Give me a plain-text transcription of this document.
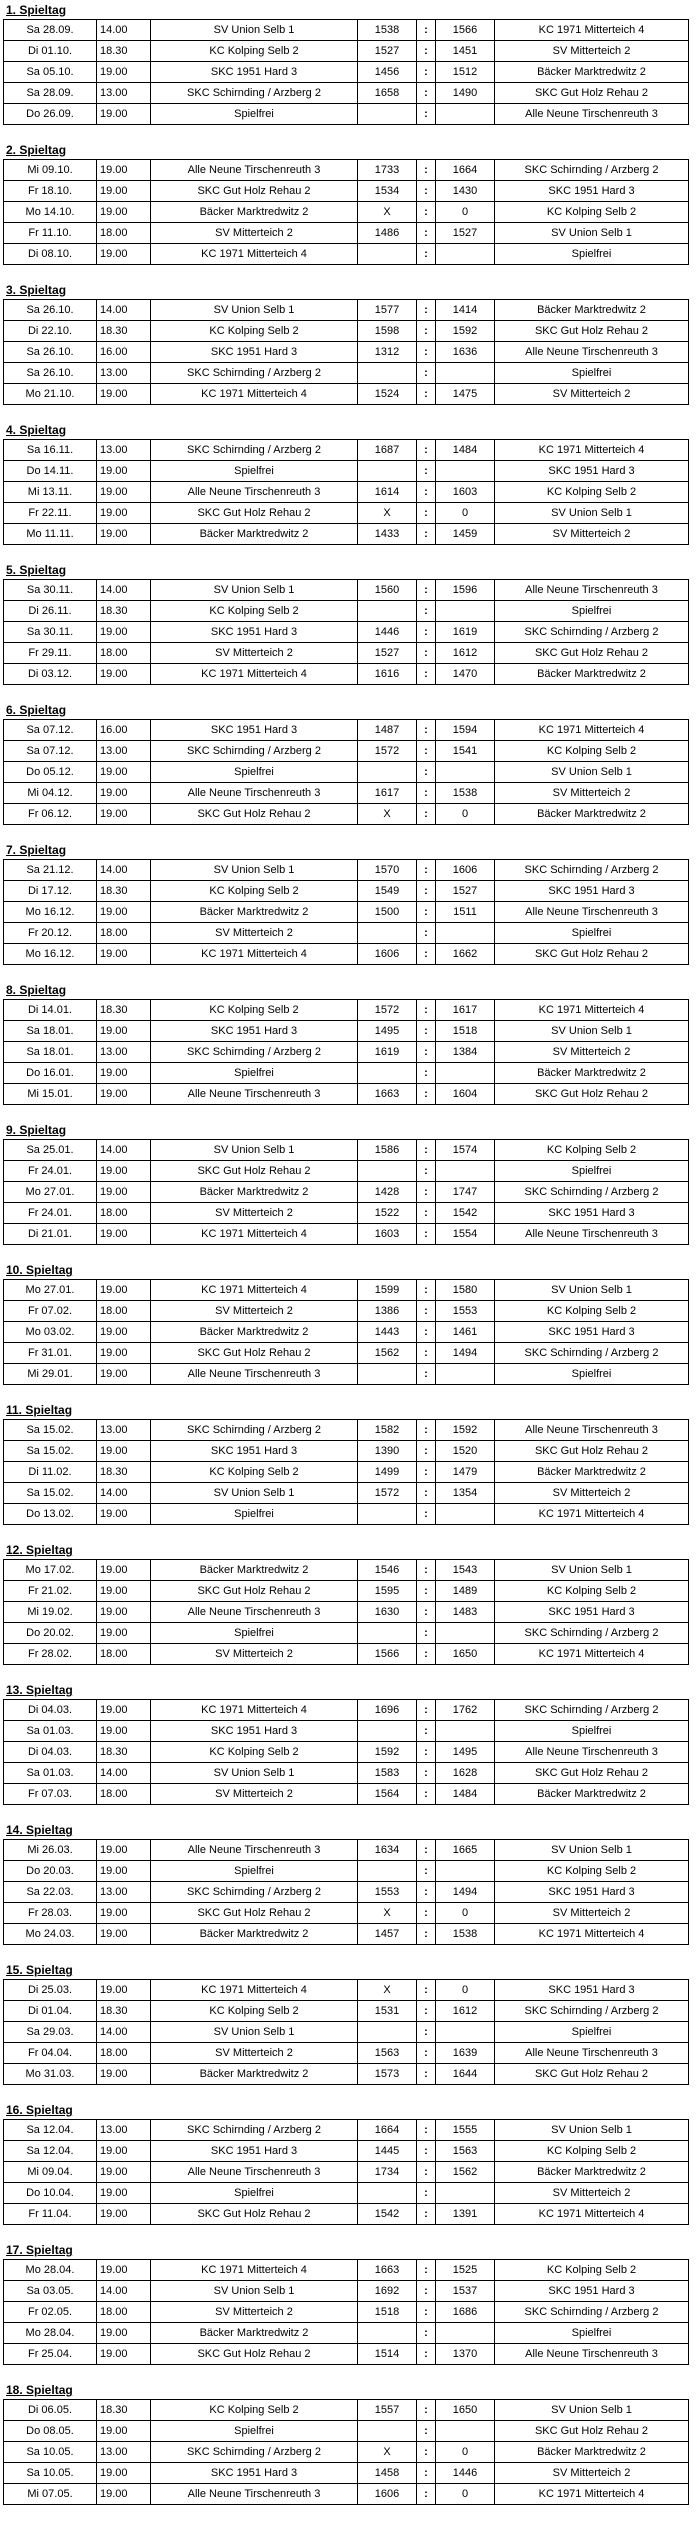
1. Spieltag
Sa 28.09.	14.00	SV Union Selb 1	1538	:	1566	KC 1971 Mitterteich 4
Di 01.10.	18.30	KC Kolping Selb 2	1527	:	1451	SV Mitterteich 2
Sa 05.10.	19.00	SKC 1951 Hard 3	1456	:	1512	Bäcker Marktredwitz 2
Sa 28.09.	13.00	SKC Schirnding / Arzberg 2	1658	:	1490	SKC Gut Holz Rehau 2
Do 26.09.	19.00	Spielfrei		:		Alle Neune Tirschenreuth 3
2. Spieltag
Mi 09.10.	19.00	Alle Neune Tirschenreuth 3	1733	:	1664	SKC Schirnding / Arzberg 2
Fr 18.10.	19.00	SKC Gut Holz Rehau 2	1534	:	1430	SKC 1951 Hard 3
Mo 14.10.	19.00	Bäcker Marktredwitz 2	X	:	0	KC Kolping Selb 2
Fr 11.10.	18.00	SV Mitterteich 2	1486	:	1527	SV Union Selb 1
Di 08.10.	19.00	KC 1971 Mitterteich 4		:		Spielfrei
3. Spieltag
Sa 26.10.	14.00	SV Union Selb 1	1577	:	1414	Bäcker Marktredwitz 2
Di 22.10.	18.30	KC Kolping Selb 2	1598	:	1592	SKC Gut Holz Rehau 2
Sa 26.10.	16.00	SKC 1951 Hard 3	1312	:	1636	Alle Neune Tirschenreuth 3
Sa 26.10.	13.00	SKC Schirnding / Arzberg 2		:		Spielfrei
Mo 21.10.	19.00	KC 1971 Mitterteich 4	1524	:	1475	SV Mitterteich 2
4. Spieltag
Sa 16.11.	13.00	SKC Schirnding / Arzberg 2	1687	:	1484	KC 1971 Mitterteich 4
Do 14.11.	19.00	Spielfrei		:		SKC 1951 Hard 3
Mi 13.11.	19.00	Alle Neune Tirschenreuth 3	1614	:	1603	KC Kolping Selb 2
Fr 22.11.	19.00	SKC Gut Holz Rehau 2	X	:	0	SV Union Selb 1
Mo 11.11.	19.00	Bäcker Marktredwitz 2	1433	:	1459	SV Mitterteich 2
5. Spieltag
Sa 30.11.	14.00	SV Union Selb 1	1560	:	1596	Alle Neune Tirschenreuth 3
Di 26.11.	18.30	KC Kolping Selb 2		:		Spielfrei
Sa 30.11.	19.00	SKC 1951 Hard 3	1446	:	1619	SKC Schirnding / Arzberg 2
Fr 29.11.	18.00	SV Mitterteich 2	1527	:	1612	SKC Gut Holz Rehau 2
Di 03.12.	19.00	KC 1971 Mitterteich 4	1616	:	1470	Bäcker Marktredwitz 2
6. Spieltag
Sa 07.12.	16.00	SKC 1951 Hard 3	1487	:	1594	KC 1971 Mitterteich 4
Sa 07.12.	13.00	SKC Schirnding / Arzberg 2	1572	:	1541	KC Kolping Selb 2
Do 05.12.	19.00	Spielfrei		:		SV Union Selb 1
Mi 04.12.	19.00	Alle Neune Tirschenreuth 3	1617	:	1538	SV Mitterteich 2
Fr 06.12.	19.00	SKC Gut Holz Rehau 2	X	:	0	Bäcker Marktredwitz 2
7. Spieltag
Sa 21.12.	14.00	SV Union Selb 1	1570	:	1606	SKC Schirnding / Arzberg 2
Di 17.12.	18.30	KC Kolping Selb 2	1549	:	1527	SKC 1951 Hard 3
Mo 16.12.	19.00	Bäcker Marktredwitz 2	1500	:	1511	Alle Neune Tirschenreuth 3
Fr 20.12.	18.00	SV Mitterteich 2		:		Spielfrei
Mo 16.12.	19.00	KC 1971 Mitterteich 4	1606	:	1662	SKC Gut Holz Rehau 2
8. Spieltag
Di 14.01.	18.30	KC Kolping Selb 2	1572	:	1617	KC 1971 Mitterteich 4
Sa 18.01.	19.00	SKC 1951 Hard 3	1495	:	1518	SV Union Selb 1
Sa 18.01.	13.00	SKC Schirnding / Arzberg 2	1619	:	1384	SV Mitterteich 2
Do 16.01.	19.00	Spielfrei		:		Bäcker Marktredwitz 2
Mi 15.01.	19.00	Alle Neune Tirschenreuth 3	1663	:	1604	SKC Gut Holz Rehau 2
9. Spieltag
Sa 25.01.	14.00	SV Union Selb 1	1586	:	1574	KC Kolping Selb 2
Fr 24.01.	19.00	SKC Gut Holz Rehau 2		:		Spielfrei
Mo 27.01.	19.00	Bäcker Marktredwitz 2	1428	:	1747	SKC Schirnding / Arzberg 2
Fr 24.01.	18.00	SV Mitterteich 2	1522	:	1542	SKC 1951 Hard 3
Di 21.01.	19.00	KC 1971 Mitterteich 4	1603	:	1554	Alle Neune Tirschenreuth 3
10. Spieltag
Mo 27.01.	19.00	KC 1971 Mitterteich 4	1599	:	1580	SV Union Selb 1
Fr 07.02.	18.00	SV Mitterteich 2	1386	:	1553	KC Kolping Selb 2
Mo 03.02.	19.00	Bäcker Marktredwitz 2	1443	:	1461	SKC 1951 Hard 3
Fr 31.01.	19.00	SKC Gut Holz Rehau 2	1562	:	1494	SKC Schirnding / Arzberg 2
Mi 29.01.	19.00	Alle Neune Tirschenreuth 3		:		Spielfrei
11. Spieltag
Sa 15.02.	13.00	SKC Schirnding / Arzberg 2	1582	:	1592	Alle Neune Tirschenreuth 3
Sa 15.02.	19.00	SKC 1951 Hard 3	1390	:	1520	SKC Gut Holz Rehau 2
Di 11.02.	18.30	KC Kolping Selb 2	1499	:	1479	Bäcker Marktredwitz 2
Sa 15.02.	14.00	SV Union Selb 1	1572	:	1354	SV Mitterteich 2
Do 13.02.	19.00	Spielfrei		:		KC 1971 Mitterteich 4
12. Spieltag
Mo 17.02.	19.00	Bäcker Marktredwitz 2	1546	:	1543	SV Union Selb 1
Fr 21.02.	19.00	SKC Gut Holz Rehau 2	1595	:	1489	KC Kolping Selb 2
Mi 19.02.	19.00	Alle Neune Tirschenreuth 3	1630	:	1483	SKC 1951 Hard 3
Do 20.02.	19.00	Spielfrei		:		SKC Schirnding / Arzberg 2
Fr 28.02.	18.00	SV Mitterteich 2	1566	:	1650	KC 1971 Mitterteich 4
13. Spieltag
Di 04.03.	19.00	KC 1971 Mitterteich 4	1696	:	1762	SKC Schirnding / Arzberg 2
Sa 01.03.	19.00	SKC 1951 Hard 3		:		Spielfrei
Di 04.03.	18.30	KC Kolping Selb 2	1592	:	1495	Alle Neune Tirschenreuth 3
Sa 01.03.	14.00	SV Union Selb 1	1583	:	1628	SKC Gut Holz Rehau 2
Fr 07.03.	18.00	SV Mitterteich 2	1564	:	1484	Bäcker Marktredwitz 2
14. Spieltag
Mi 26.03.	19.00	Alle Neune Tirschenreuth 3	1634	:	1665	SV Union Selb 1
Do 20.03.	19.00	Spielfrei		:		KC Kolping Selb 2
Sa 22.03.	13.00	SKC Schirnding / Arzberg 2	1553	:	1494	SKC 1951 Hard 3
Fr 28.03.	19.00	SKC Gut Holz Rehau 2	X	:	0	SV Mitterteich 2
Mo 24.03.	19.00	Bäcker Marktredwitz 2	1457	:	1538	KC 1971 Mitterteich 4
15. Spieltag
Di 25.03.	19.00	KC 1971 Mitterteich 4	X	:	0	SKC 1951 Hard 3
Di 01.04.	18.30	KC Kolping Selb 2	1531	:	1612	SKC Schirnding / Arzberg 2
Sa 29.03.	14.00	SV Union Selb 1		:		Spielfrei
Fr 04.04.	18.00	SV Mitterteich 2	1563	:	1639	Alle Neune Tirschenreuth 3
Mo 31.03.	19.00	Bäcker Marktredwitz 2	1573	:	1644	SKC Gut Holz Rehau 2
16. Spieltag
Sa 12.04.	13.00	SKC Schirnding / Arzberg 2	1664	:	1555	SV Union Selb 1
Sa 12.04.	19.00	SKC 1951 Hard 3	1445	:	1563	KC Kolping Selb 2
Mi 09.04.	19.00	Alle Neune Tirschenreuth 3	1734	:	1562	Bäcker Marktredwitz 2
Do 10.04.	19.00	Spielfrei		:		SV Mitterteich 2
Fr 11.04.	19.00	SKC Gut Holz Rehau 2	1542	:	1391	KC 1971 Mitterteich 4
17. Spieltag
Mo 28.04.	19.00	KC 1971 Mitterteich 4	1663	:	1525	KC Kolping Selb 2
Sa 03.05.	14.00	SV Union Selb 1	1692	:	1537	SKC 1951 Hard 3
Fr 02.05.	18.00	SV Mitterteich 2	1518	:	1686	SKC Schirnding / Arzberg 2
Mo 28.04.	19.00	Bäcker Marktredwitz 2		:		Spielfrei
Fr 25.04.	19.00	SKC Gut Holz Rehau 2	1514	:	1370	Alle Neune Tirschenreuth 3
18. Spieltag
Di 06.05.	18.30	KC Kolping Selb 2	1557	:	1650	SV Union Selb 1
Do 08.05.	19.00	Spielfrei		:		SKC Gut Holz Rehau 2
Sa 10.05.	13.00	SKC Schirnding / Arzberg 2	X	:	0	Bäcker Marktredwitz 2
Sa 10.05.	19.00	SKC 1951 Hard 3	1458	:	1446	SV Mitterteich 2
Mi 07.05.	19.00	Alle Neune Tirschenreuth 3	1606	:	0	KC 1971 Mitterteich 4
